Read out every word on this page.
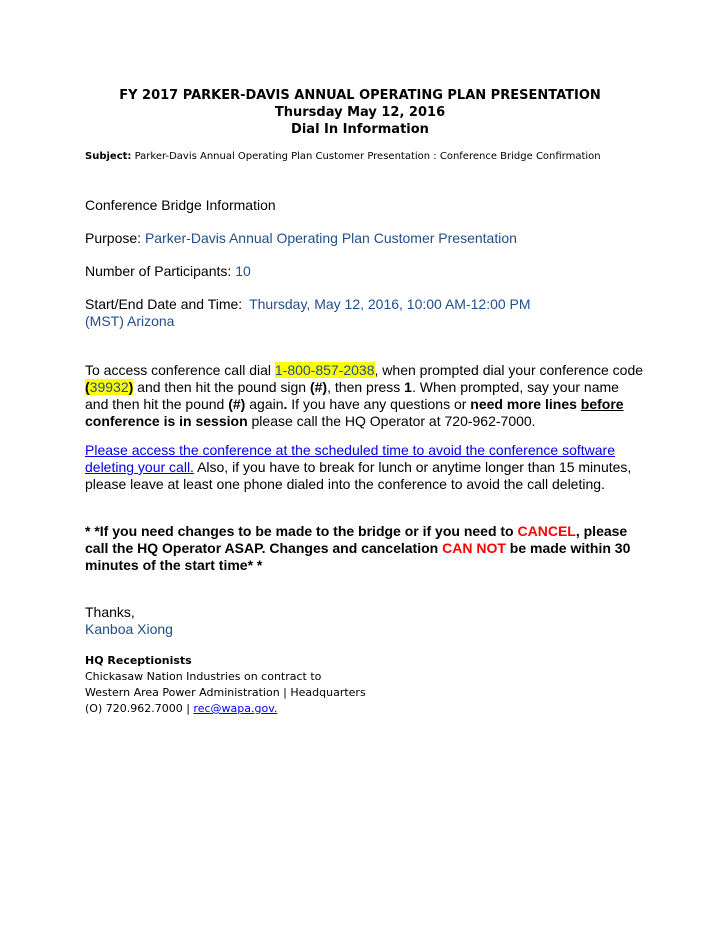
FY 2017 PARKER-DAVIS ANNUAL OPERATING PLAN PRESENTATION
Thursday May 12, 2016
Dial In Information
Subject: Parker-Davis Annual Operating Plan Customer Presentation : Conference Bridge Confirmation
Conference Bridge Information
Purpose: Parker-Davis Annual Operating Plan Customer Presentation
Number of Participants: 10
Start/End Date and Time: Thursday, May 12, 2016, 10:00 AM-12:00 PM
(MST) Arizona
To access conference call dial 1-800-857-2038, when prompted dial your conference code (39932) and then hit the pound sign (#), then press 1. When prompted, say your name and then hit the pound (#) again. If you have any questions or need more lines before conference is in session please call the HQ Operator at 720-962-7000.
Please access the conference at the scheduled time to avoid the conference software deleting your call. Also, if you have to break for lunch or anytime longer than 15 minutes, please leave at least one phone dialed into the conference to avoid the call deleting.
* *If you need changes to be made to the bridge or if you need to CANCEL, please call the HQ Operator ASAP. Changes and cancelation CAN NOT be made within 30 minutes of the start time* *
Thanks,
Kanboa Xiong
HQ Receptionists
Chickasaw Nation Industries on contract to
Western Area Power Administration | Headquarters
(O) 720.962.7000 | rec@wapa.gov.
